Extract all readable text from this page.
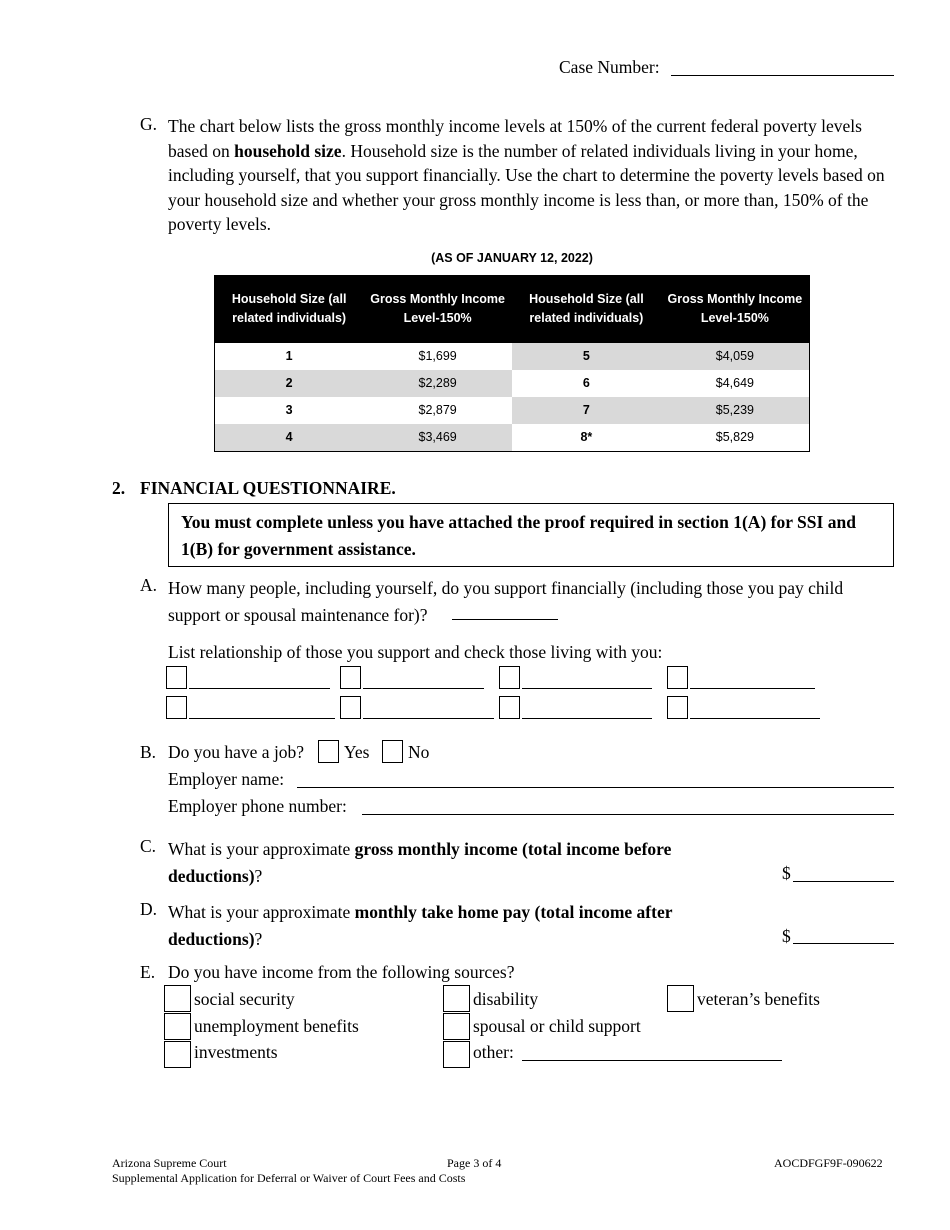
Case Number:
G. The chart below lists the gross monthly income levels at 150% of the current federal poverty levels based on household size. Household size is the number of related individuals living in your home, including yourself, that you support financially. Use the chart to determine the poverty levels based on your household size and whether your gross monthly income is less than, or more than, 150% of the poverty levels.
(AS OF JANUARY 12, 2022)
Household Size (all related individuals)	Gross Monthly Income Level-150%	Household Size (all related individuals)	Gross Monthly Income Level-150%
1	$1,699	5	$4,059
2	$2,289	6	$4,649
3	$2,879	7	$5,239
4	$3,469	8*	$5,829
2. FINANCIAL QUESTIONNAIRE.
You must complete unless you have attached the proof required in section 1(A) for SSI and 1(B) for government assistance.
A. How many people, including yourself, do you support financially (including those you pay child support or spousal maintenance for)?
List relationship of those you support and check those living with you:
B. Do you have a job? Yes No
Employer name:
Employer phone number:
C. What is your approximate gross monthly income (total income before deductions)?	$
D. What is your approximate monthly take home pay (total income after deductions)?	$
E. Do you have income from the following sources?
social security	disability	veteran’s benefits
unemployment benefits	spousal or child support
investments	other:
Arizona Supreme Court
Supplemental Application for Deferral or Waiver of Court Fees and Costs
Page 3 of 4	AOCDFGF9F-090622
